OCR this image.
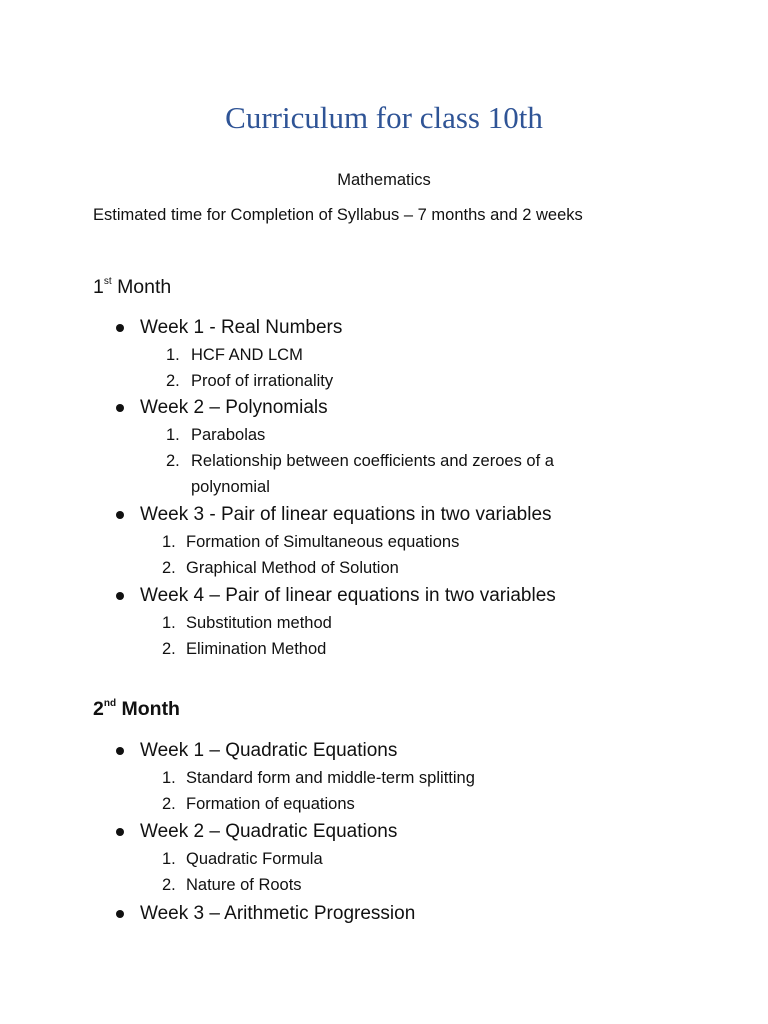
Curriculum for class 10th

Mathematics

Estimated time for Completion of Syllabus – 7 months and 2 weeks

1st Month
Week 1 - Real Numbers
1. HCF AND LCM
2. Proof of irrationality
Week 2 – Polynomials
1. Parabolas
2. Relationship between coefficients and zeroes of a
polynomial
Week 3 - Pair of linear equations in two variables
1. Formation of Simultaneous equations
2. Graphical Method of Solution
Week 4 – Pair of linear equations in two variables
1. Substitution method
2. Elimination Method
2nd Month
Week 1 – Quadratic Equations
1. Standard form and middle-term splitting
2. Formation of equations
Week 2 – Quadratic Equations
1. Quadratic Formula
2. Nature of Roots
Week 3 – Arithmetic Progression
